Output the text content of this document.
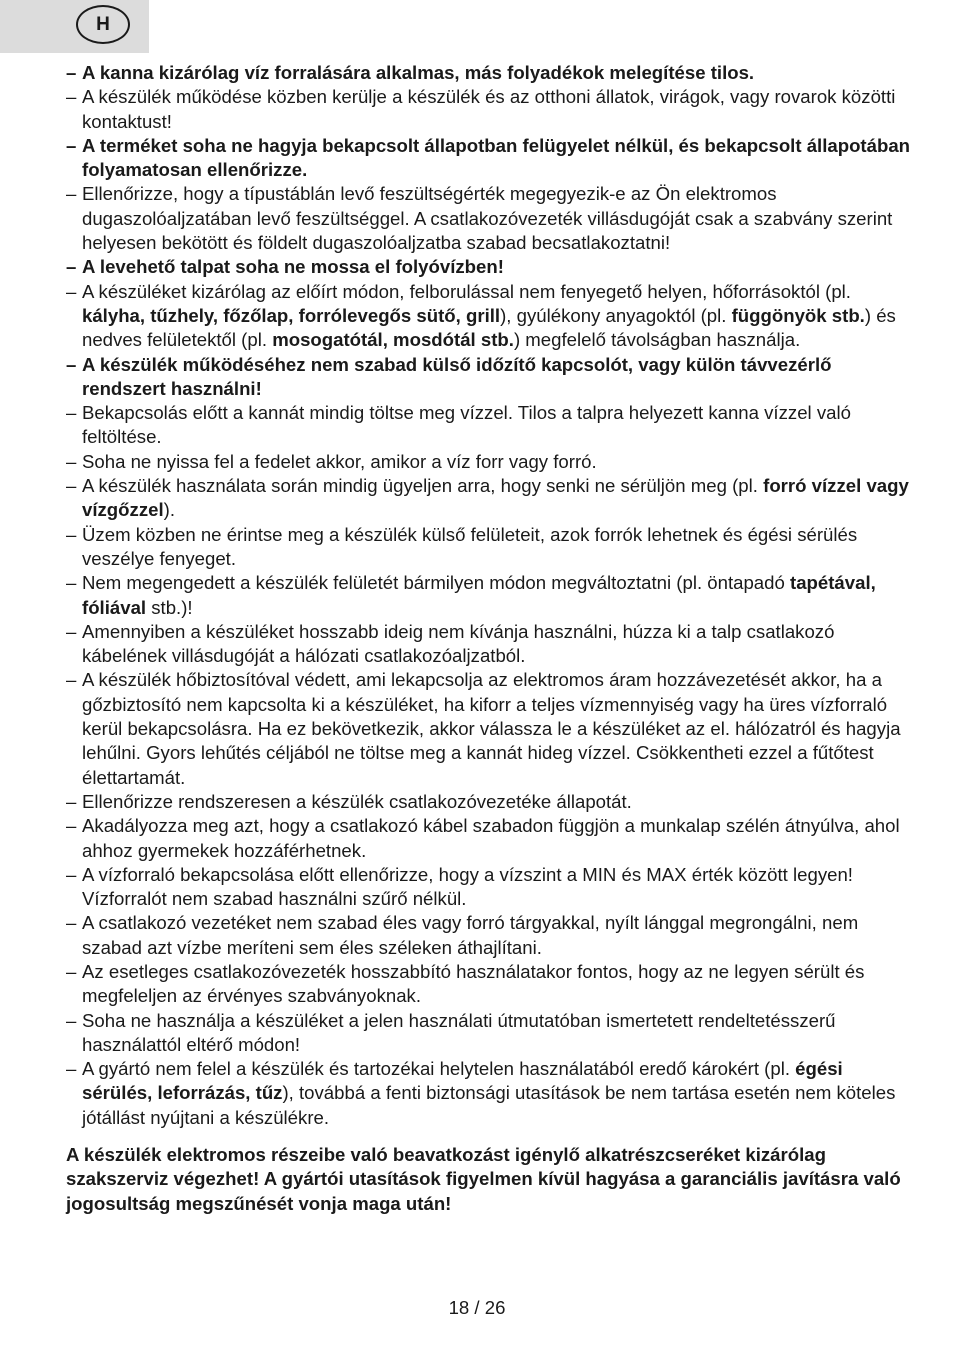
H
– A kanna kizárólag víz forralására alkalmas, más folyadékok melegítése tilos.
– A készülék működése közben kerülje a készülék és az otthoni állatok, virágok, vagy rovarok közötti kontaktust!
– A terméket soha ne hagyja bekapcsolt állapotban felügyelet nélkül, és bekapcsolt állapotában folyamatosan ellenőrizze.
– Ellenőrizze, hogy a típustáblán levő feszültségérték megegyezik-e az Ön elektromos dugaszolóaljzatában levő feszültséggel. A csatlakozóvezeték villásdugóját csak a szabvány szerint helyesen bekötött és földelt dugaszolóaljzatba szabad becsatlakoztatni!
– A levehető talpat soha ne mossa el folyóvízben!
– A készüléket kizárólag az előírt módon, felborulással nem fenyegető helyen, hőforrásoktól (pl. kályha, tűzhely, főzőlap, forrólevegős sütő, grill), gyúlékony anyagoktól (pl. függönyök stb.) és nedves felületektől (pl. mosogatótál, mosdótál stb.) megfelelő távolságban használja.
– A készülék működéséhez nem szabad külső időzítő kapcsolót, vagy külön távvezérlő rendszert használni!
– Bekapcsolás előtt a kannát mindig töltse meg vízzel. Tilos a talpra helyezett kanna vízzel való feltöltése.
– Soha ne nyissa fel a fedelet akkor, amikor a víz forr vagy forró.
– A készülék használata során mindig ügyeljen arra, hogy senki ne sérüljön meg (pl. forró vízzel vagy vízgőzzel).
– Üzem közben ne érintse meg a készülék külső felületeit, azok forrók lehetnek és égési sérülés veszélye fenyeget.
– Nem megengedett a készülék felületét bármilyen módon megváltoztatni (pl. öntapadó tapétával, fóliával stb.)!
– Amennyiben a készüléket hosszabb ideig nem kívánja használni, húzza ki a talp csatlakozó kábelének villásdugóját a hálózati csatlakozóaljzatból.
– A készülék hőbiztosítóval védett, ami lekapcsolja az elektromos áram hozzávezetését akkor, ha a gőzbiztosító nem kapcsolta ki a készüléket, ha kiforr a teljes vízmennyiség vagy ha üres vízforraló kerül bekapcsolásra. Ha ez bekövetkezik, akkor válassza le a készüléket az el. hálózatról és hagyja lehűlni. Gyors lehűtés céljából ne töltse meg a kannát hideg vízzel. Csökkentheti ezzel a fűtőtest élettartamát.
– Ellenőrizze rendszeresen a készülék csatlakozóvezetéke állapotát.
– Akadályozza meg azt, hogy a csatlakozó kábel szabadon függjön a munkalap szélén átnyúlva, ahol ahhoz gyermekek hozzáférhetnek.
– A vízforraló bekapcsolása előtt ellenőrizze, hogy a vízszint a MIN és MAX érték között legyen! Vízforralót nem szabad használni szűrő nélkül.
– A csatlakozó vezetéket nem szabad éles vagy forró tárgyakkal, nyílt lánggal megrongálni, nem szabad azt vízbe meríteni sem éles széleken áthajlítani.
– Az esetleges csatlakozóvezeték hosszabbító használatakor fontos, hogy az ne legyen sérült és megfeleljen az érvényes szabványoknak.
– Soha ne használja a készüléket a jelen használati útmutatóban ismertetett rendeltetésszerű használattól eltérő módon!
– A gyártó nem felel a készülék és tartozékai helytelen használatából eredő károkért (pl. égési sérülés, leforrázás, tűz), továbbá a fenti biztonsági utasítások be nem tartása esetén nem köteles jótállást nyújtani a készülékre.
A készülék elektromos részeibe való beavatkozást igénylő alkatrészcseréket kizárólag szakszerviz végezhet! A gyártói utasítások figyelmen kívül hagyása a garanciális javításra való jogosultság megszűnését vonja maga után!
18 / 26
